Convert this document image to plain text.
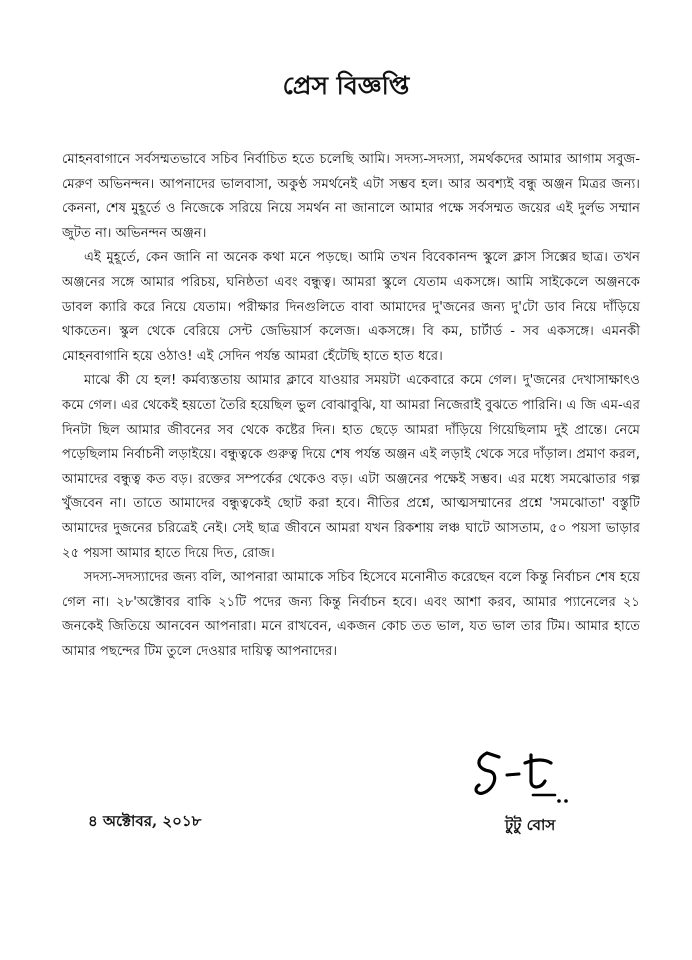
প্রেস বিজ্ঞপ্তি

মোহনবাগানে সর্বসম্মতভাবে সচিব নির্বাচিত হতে চলেছি আমি। সদস্য-সদস্যা, সমর্থকদের আমার আগাম সবুজ-মেরুণ অভিনন্দন। আপনাদের ভালবাসা, অকুণ্ঠ সমর্থনেই এটা সম্ভব হল। আর অবশ্যই বন্ধু অঞ্জন মিত্রর জন্য। কেননা, শেষ মুহূর্তে ও নিজেকে সরিয়ে নিয়ে সমর্থন না জানালে আমার পক্ষে সর্বসম্মত জয়ের এই দুর্লভ সম্মান জুটত না। অভিনন্দন অঞ্জন।

এই মুহূর্তে, কেন জানি না অনেক কথা মনে পড়ছে। আমি তখন বিবেকানন্দ স্কুলে ক্লাস সিক্সের ছাত্র। তখন অঞ্জনের সঙ্গে আমার পরিচয়, ঘনিষ্ঠতা এবং বন্ধুত্ব। আমরা স্কুলে যেতাম একসঙ্গে। আমি সাইকেলে অঞ্জনকে ডাবল ক্যারি করে নিয়ে যেতাম। পরীক্ষার দিনগুলিতে বাবা আমাদের দু'জনের জন্য দু'টো ডাব নিয়ে দাঁড়িয়ে থাকতেন। স্কুল থেকে বেরিয়ে সেন্ট জেভিয়ার্স কলেজ। একসঙ্গে। বি কম, চার্টার্ড - সব একসঙ্গে। এমনকী মোহনবাগানি হয়ে ওঠাও! এই সেদিন পর্যন্ত আমরা হেঁটেছি হাতে হাত ধরে।

মাঝে কী যে হল! কর্মব্যস্ততায় আমার ক্লাবে যাওয়ার সময়টা একেবারে কমে গেল। দু'জনের দেখাসাক্ষাৎও কমে গেল। এর থেকেই হয়তো তৈরি হয়েছিল ভুল বোঝাবুঝি, যা আমরা নিজেরাই বুঝতে পারিনি। এ জি এম-এর দিনটা ছিল আমার জীবনের সব থেকে কষ্টের দিন। হাত ছেড়ে আমরা দাঁড়িয়ে গিয়েছিলাম দুই প্রান্তে। নেমে পড়েছিলাম নির্বাচনী লড়াইয়ে। বন্ধুত্বকে গুরুত্ব দিয়ে শেষ পর্যন্ত অঞ্জন এই লড়াই থেকে সরে দাঁড়াল। প্রমাণ করল, আমাদের বন্ধুত্ব কত বড়। রক্তের সম্পর্কের থেকেও বড়। এটা অঞ্জনের পক্ষেই সম্ভব। এর মধ্যে সমঝোতার গল্প খুঁজবেন না। তাতে আমাদের বন্ধুত্বকেই ছোট করা হবে। নীতির প্রশ্নে, আত্মসম্মানের প্রশ্নে 'সমঝোতা' বস্তুটি আমাদের দুজনের চরিত্রেই নেই। সেই ছাত্র জীবনে আমরা যখন রিকশায় লঞ্চ ঘাটে আসতাম, ৫০ পয়সা ভাড়ার ২৫ পয়সা আমার হাতে দিয়ে দিত, রোজ।

সদস্য-সদস্যাদের জন্য বলি, আপনারা আমাকে সচিব হিসেবে মনোনীত করেছেন বলে কিন্তু নির্বাচন শেষ হয়ে গেল না। ২৮'অক্টোবর বাকি ২১টি পদের জন্য কিন্তু নির্বাচন হবে। এবং আশা করব, আমার প্যানেলের ২১ জনকেই জিতিয়ে আনবেন আপনারা। মনে রাখবেন, একজন কোচ তত ভাল, যত ভাল তার টিম। আমার হাতে আমার পছন্দের টিম তুলে দেওয়ার দায়িত্ব আপনাদের।

৪ অক্টোবর, ২০১৮	টুটু বোস
